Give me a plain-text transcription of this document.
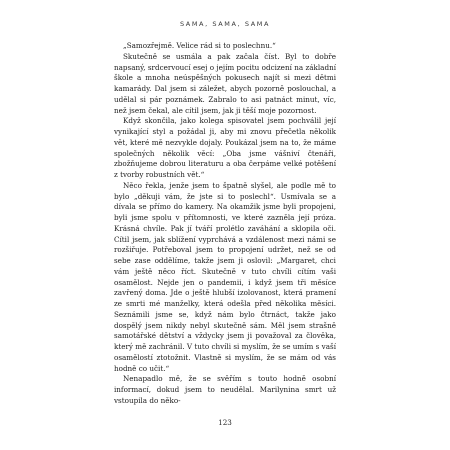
SAMA, SAMA, SAMA

„Samozřejmě. Velice rád si to poslechnu.“

Skutečně se usmála a pak začala číst. Byl to dobře napsaný, srdcervoucí esej o jejím pocitu odcizení na základní škole a mnoha neúspěšných pokusech najít si mezi dětmi kamarády. Dal jsem si záležet, abych pozorně poslouchal, a udělal si pár poznámek. Zabralo to asi patnáct minut, víc, než jsem čekal, ale cítil jsem, jak ji těší moje pozornost.

Když skončila, jako kolega spisovatel jsem pochválil její vynikající styl a požádal ji, aby mi znovu přečetla několik vět, které mě nezvykle dojaly. Poukázal jsem na to, že máme společných několik věcí: „Oba jsme vášniví čtenáři, zbožňujeme dobrou literaturu a oba čerpáme velké potěšení z tvorby robustních vět.“

Něco řekla, jenže jsem to špatně slyšel, ale podle mě to bylo „děkuji vám, že jste si to poslechl“. Usmívala se a dívala se přímo do kamery. Na okamžik jsme byli propojeni, byli jsme spolu v přítomnosti, ve které zazněla její próza. Krásná chvíle. Pak jí tváří prolétlo zaváhání a sklopila oči. Cítil jsem, jak sblížení vyprchává a vzdálenost mezi námi se rozšiřuje. Potřeboval jsem to propojení udržet, než se od sebe zase oddělíme, takže jsem ji oslovil: „Margaret, chci vám ještě něco říct. Skutečně v tuto chvíli cítím vaši osamělost. Nejde jen o pandemii, i když jsem tři měsíce zavřený doma. Jde o ještě hlubší izolovanost, která pramení ze smrti mé manželky, která odešla před několika měsíci. Seznámili jsme se, když nám bylo čtrnáct, takže jako dospělý jsem nikdy nebyl skutečně sám. Měl jsem strašně samotářské dětství a vždycky jsem ji považoval za člověka, který mě zachránil. V tuto chvíli si myslím, že se umím s vaší osamělostí ztotožnit. Vlastně si myslím, že se mám od vás hodně co učit.“

Nenapadlo mě, že se svěřím s touto hodně osobní informací, dokud jsem to neudělal. Marilynina smrt už vstoupila do něko-

123
